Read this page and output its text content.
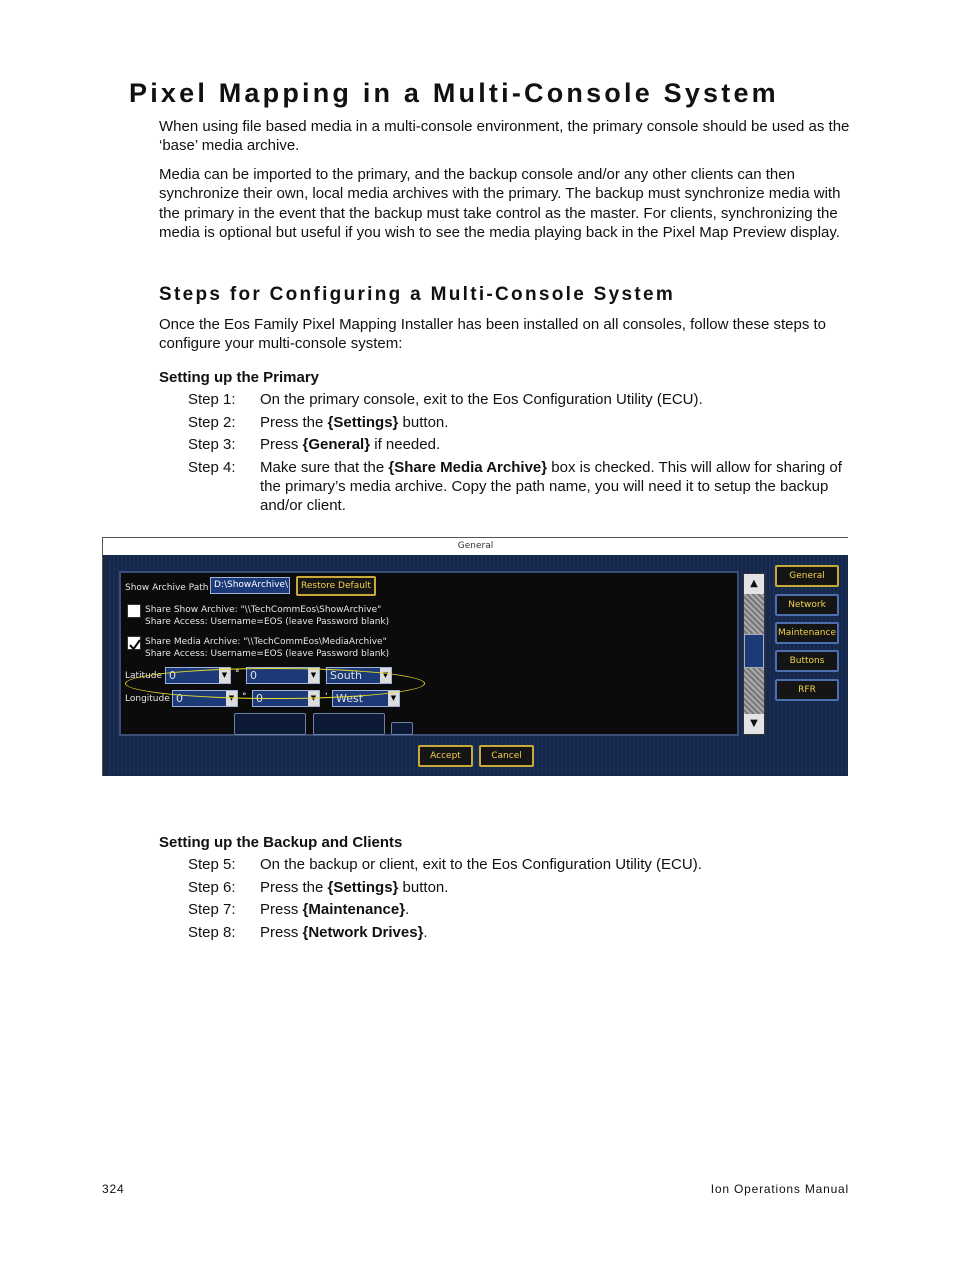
Pixel Mapping in a Multi-Console System

When using file based media in a multi-console environment, the primary console should be used as the ‘base’ media archive.

Media can be imported to the primary, and the backup console and/or any other clients can then synchronize their own, local media archives with the primary. The backup must synchronize media with the primary in the event that the backup must take control as the master. For clients, synchronizing the media is optional but useful if you wish to see the media playing back in the Pixel Map Preview display.

Steps for Configuring a Multi-Console System

Once the Eos Family Pixel Mapping Installer has been installed on all consoles, follow these steps to configure your multi-console system:

Setting up the Primary
Step 1:	On the primary console, exit to the Eos Configuration Utility (ECU).
Step 2:	Press the {Settings} button.
Step 3:	Press {General} if needed.
Step 4:	Make sure that the {Share Media Archive} box is checked. This will allow for sharing of the primary’s media archive. Copy the path name, you will need it to setup the backup and/or client.
General
Show Archive Path D:\ShowArchive\	Restore Default
Share Show Archive: "\\TechCommEos\ShowArchive"
Share Access: Username=EOS (leave Password blank)
Share Media Archive: "\\TechCommEos\MediaArchive"
Share Access: Username=EOS (leave Password blank)
Latitude 0	▼ ° 0	▼ South	▼
Longitude 0	▼ ° 0	▼ ' West	▼
▲
▼
General
Network
Maintenance
Buttons
RFR
Accept	Cancel
Setting up the Backup and Clients
Step 5:	On the backup or client, exit to the Eos Configuration Utility (ECU).
Step 6:	Press the {Settings} button.
Step 7:	Press {Maintenance}.
Step 8:	Press {Network Drives}.
324	Ion Operations Manual
